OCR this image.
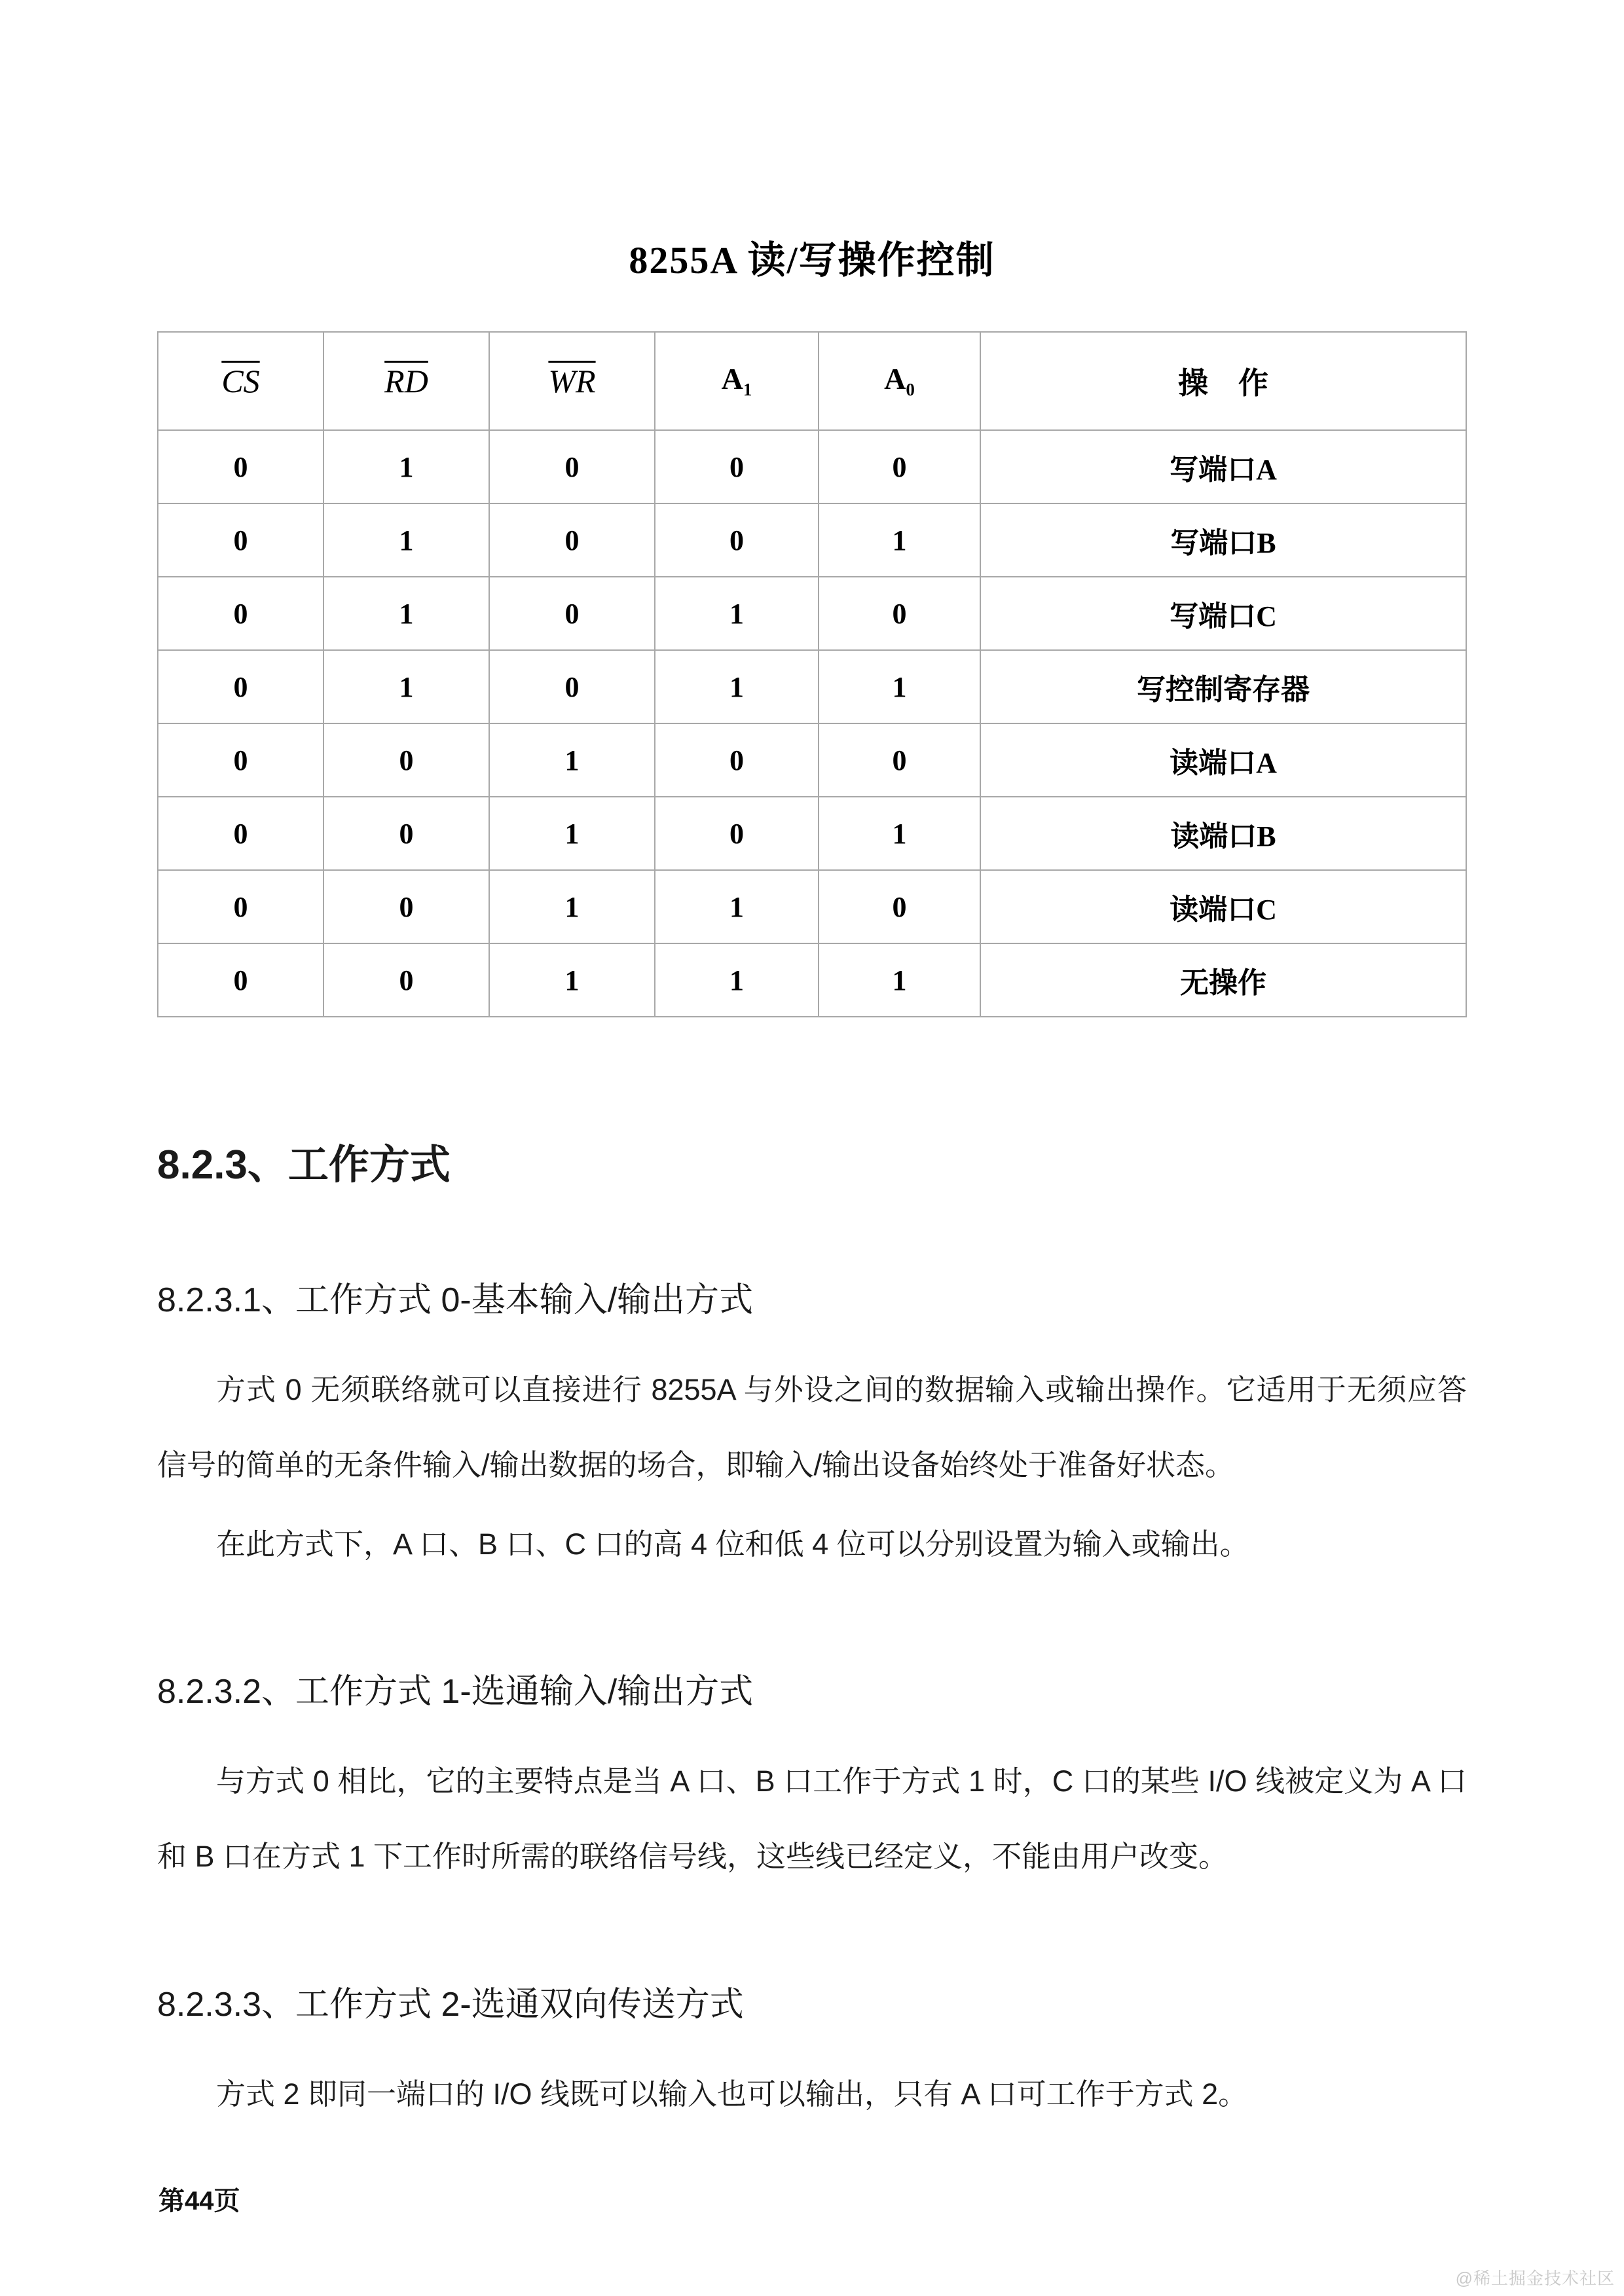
8255A 读/写操作控制
$\overline{CS}$	$\overline{RD}$	$\overline{WR}$	$A_1$	$A_0$	操　作
0	1	0	0	0	写端口A
0	1	0	0	1	写端口B
0	1	0	1	0	写端口C
0	1	0	1	1	写控制寄存器
0	0	1	0	0	读端口A
0	0	1	0	1	读端口B
0	0	1	1	0	读端口C
0	0	1	1	1	无操作
8.2.3、工作方式
8.2.3.1、工作方式 0-基本输入/输出方式

方式 0 无须联络就可以直接进行 8255A 与外设之间的数据输入或输出操作。它适用于无须应答信号的简单的无条件输入/输出数据的场合，即输入/输出设备始终处于准备好状态。

在此方式下，A 口、B 口、C 口的高 4 位和低 4 位可以分别设置为输入或输出。

8.2.3.2、工作方式 1-选通输入/输出方式

与方式 0 相比，它的主要特点是当 A 口、B 口工作于方式 1 时，C 口的某些 I/O 线被定义为 A 口和 B 口在方式 1 下工作时所需的联络信号线，这些线已经定义，不能由用户改变。

8.2.3.3、工作方式 2-选通双向传送方式

方式 2 即同一端口的 I/O 线既可以输入也可以输出，只有 A 口可工作于方式 2。

第44页
@稀土掘金技术社区
